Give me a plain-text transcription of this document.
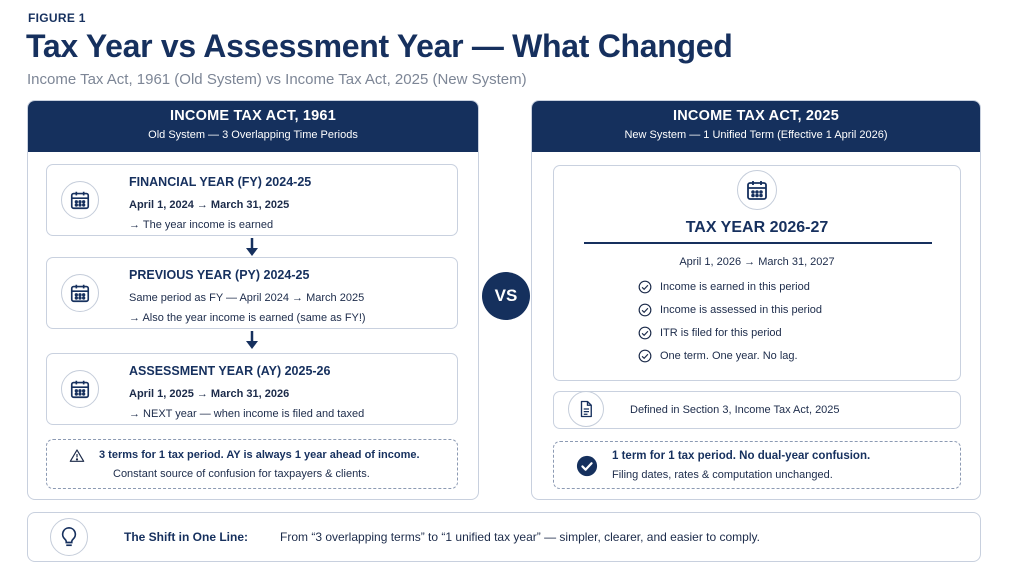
FIGURE 1
Tax Year vs Assessment Year — What Changed
Income Tax Act, 1961 (Old System) vs Income Tax Act, 2025 (New System)
INCOME TAX ACT, 1961
Old System — 3 Overlapping Time Periods
FINANCIAL YEAR (FY) 2024-25
April 1, 2024 → March 31, 2025
→ The year income is earned
PREVIOUS YEAR (PY) 2024-25
Same period as FY — April 2024 → March 2025
→ Also the year income is earned (same as FY!)
ASSESSMENT YEAR (AY) 2025-26
April 1, 2025 → March 31, 2026
→ NEXT year — when income is filed and taxed
3 terms for 1 tax period. AY is always 1 year ahead of income.
Constant source of confusion for taxpayers & clients.
VS
INCOME TAX ACT, 2025
New System — 1 Unified Term (Effective 1 April 2026)
TAX YEAR 2026-27
April 1, 2026 → March 31, 2027
Income is earned in this period
Income is assessed in this period
ITR is filed for this period
One term. One year. No lag.
Defined in Section 3, Income Tax Act, 2025
1 term for 1 tax period. No dual-year confusion.
Filing dates, rates & computation unchanged.
The Shift in One Line:	From “3 overlapping terms” to “1 unified tax year” — simpler, clearer, and easier to comply.
